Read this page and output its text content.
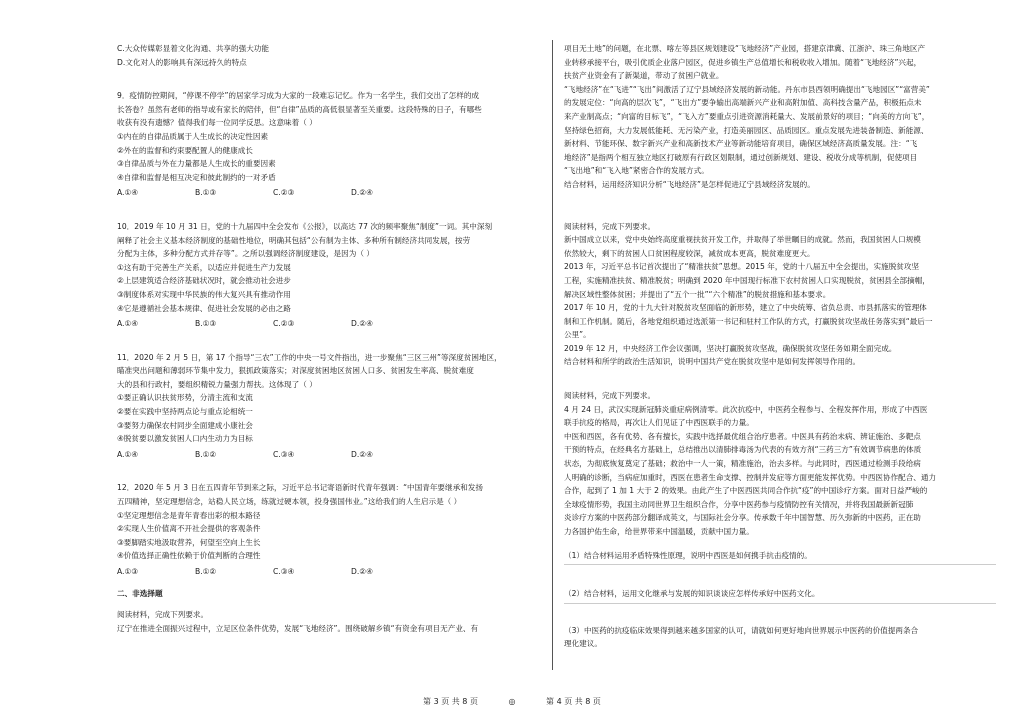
C.大众传媒彰显着文化沟通、共享的强大功能
D.文化对人的影响具有深远持久的特点
9．疫情防控期间，“停课不停学”的居家学习成为大家的一段难忘记忆。作为一名学生，我们交出了怎样的成
长答卷？虽然有老师的指导或有家长的陪伴，但“自律”品质的高低很显著至关重要。这段特殊的日子，有哪些
收获有没有遗憾？值得我们每一位同学反思。这意味着（ ）
①内在的自律品质属于人生成长的决定性因素
②外在的监督和约束要配置人的健康成长
③自律品质与外在力量都是人生成长的重要因素
④自律和监督是相互决定和彼此制约的一对矛盾
A.①④	B.①③	C.②③	D.②④
10．2019 年 10 月 31 日，党的十九届四中全会发布《公报》，以高达 77 次的频率聚焦“制度”一词。其中深刻
阐释了社会主义基本经济制度的基础性地位，明确其包括“公有制为主体、多种所有制经济共同发展，按劳
分配为主体，多种分配方式并存等”。之所以强调经济制度建设，是因为（ ）
①这有助于完善生产关系，以适应并促进生产力发展
②上层建筑适合经济基础状况时，就会推动社会进步
③制度体系对实现中华民族的伟大复兴具有推动作用
④它是遵循社会基本规律、促进社会发展的必由之路
A.①④	B.①③	C.②③	D.②④
11．2020 年 2 月 5 日，第 17 个指导“三农”工作的中央一号文件指出，进一步聚焦“三区三州”等深度贫困地区，
瞄准突出问题和薄弱环节集中发力，狠抓政策落实；对深度贫困地区贫困人口多、贫困发生率高、脱贫难度
大的县和行政村，要组织精锐力量强力帮扶。这体现了（ ）
①要正确认识扶贫形势，分清主流和支流
②要在实践中坚持两点论与重点论相统一
③要努力确保农村同步全面建成小康社会
④脱贫要以激发贫困人口内生动力为目标
A.①④	B.①②	C.③④	D.②④
12．2020 年 5 月 3 日在五四青年节到来之际，习近平总书记寄语新时代青年强调：“中国青年要继承和发扬
五四精神，坚定理想信念，站稳人民立场，练就过硬本领，投身强国伟业。”这给我们的人生启示是（ ）
①坚定理想信念是青年青春出彩的根本路径
②实现人生价值离不开社会提供的客观条件
③要脚踏实地汲取营养，何望至空向上生长
④价值选择正确性依赖于价值判断的合理性
A.①③	B.①②	C.③④	D.②④
二、非选择题
阅读材料，完成下列要求。
辽宁在推进全面振兴过程中，立足区位条件优势，发展“飞地经济”。围绕破解乡镇“有资金有项目无产业、有
项目无土地”的问题，在北票、喀左等县区规划建设“飞地经济”产业园，搭建京津冀、江浙沪、珠三角地区产
业转移承接平台，吸引优质企业落户园区，促进乡镇生产总值增长和税收收入增加。随着“飞地经济”兴起，
扶贫产业资金有了新渠道，带动了贫困户就业。
“飞地经济”在“飞进”“飞出”间激活了辽宁县域经济发展的新动能。丹东市县西领明确提出“飞地园区”“富营美”
的发展定位：“向高的层次飞”，“飞出方”要争输出高端新兴产业和高附加值、高科技含量产品，积极拓点未
来产业制高点；“向富的目标飞”，“飞入方”要重点引进资源消耗量大、发展前景好的项目；“向美的方向飞”，
坚持绿色招商，大力发展低能耗、无污染产业，打造美丽园区、品质园区。重点发展先进装备制造、新能源、
新材料、节能环保、数字新兴产业和高新技术产业等新动能培育项目，确保区域经济高质量发展。注：“飞
地经济”是指两个相互独立地区打破原有行政区划限制，通过创新规划、建设、税收分成等机制，促使项目
“飞出地”和“飞入地”紧密合作的发展方式。
结合材料，运用经济知识分析“飞地经济”是怎样促进辽宁县域经济发展的。
阅读材料，完成下列要求。
新中国成立以来，党中央始终高度重视扶贫开发工作，并取得了举世瞩目的成就。然而，我国贫困人口规模
依然较大，剩下的贫困人口贫困程度较深，减贫成本更高，脱贫难度更大。
2013 年，习近平总书记首次提出了“精准扶贫”思想。2015 年，党的十八届五中全会提出，实施脱贫攻坚
工程，实施精准扶贫、精准脱贫；明确到 2020 年中国现行标准下农村贫困人口实现脱贫，贫困县全部摘帽，
解决区域性整体贫困；并提出了“五个一批”“六个精准”的脱贫措施和基本要求。
2017 年 10 月，党的十九大针对脱贫攻坚面临的新形势，建立了中央统筹、省负总责、市县抓落实的管理体
制和工作机制。随后，各地党组织通过选派第一书记和驻村工作队的方式，打赢脱贫攻坚战任务落实到“最后一
公里”。
2019 年 12 月，中央经济工作会议强调，坚决打赢脱贫攻坚战，确保脱贫攻坚任务如期全面完成。
结合材料和所学的政治生活知识，说明中国共产党在脱贫攻坚中是如何发挥领导作用的。
阅读材料，完成下列要求。
4 月 24 日，武汉实现新冠肺炎重症病例清零。此次抗疫中，中医药全程参与、全程发挥作用，形成了中西医
联手抗疫的格局，再次让人们见证了中西医联手的力量。
中医和西医，各有优势、各有擅长，实践中选择最优组合治疗患者。中医具有药治未病、辨证施治、多靶点
干预的特点，在经典名方基础上，总结推出以清肺排毒汤为代表的有效方剂“三药三方”有效调节病患的体质
状态，为彻底恢复奠定了基础；救治中一人一策，精准施治，治去多样。与此同时，西医通过检测手段给病
人明确的诊断，当病症加重时，西医在患者生命支撑、控制并发症等方面更能发挥优势。中西医协作配合、通力
合作，起到了 1 加 1 大于 2 的效果。由此产生了中医西医共同合作抗“疫”的中国诊疗方案。面对日益严峻的
全球疫情形势，我国主动同世界卫生组织合作，分享中医药参与疫情防控有关情况，并将我国最新新冠肺
炎诊疗方案的中医药部分翻译成英文，与国际社会分享。传承数千年中国智慧、历久弥新的中医药，正在助
力各国护佑生命，给世界带来中国温暖，贡献中国力量。
（1）结合材料运用矛盾特殊性原理，说明中西医是如何携手抗击疫情的。
（2）结合材料，运用文化继承与发展的知识谈谈应怎样传承好中医药文化。
（3）中医药的抗疫临床效果得到越来越多国家的认可，请就如何更好地向世界展示中医药的价值提两条合
理化建议。
第 3 页 共 8 页	◎	第 4 页 共 8 页
